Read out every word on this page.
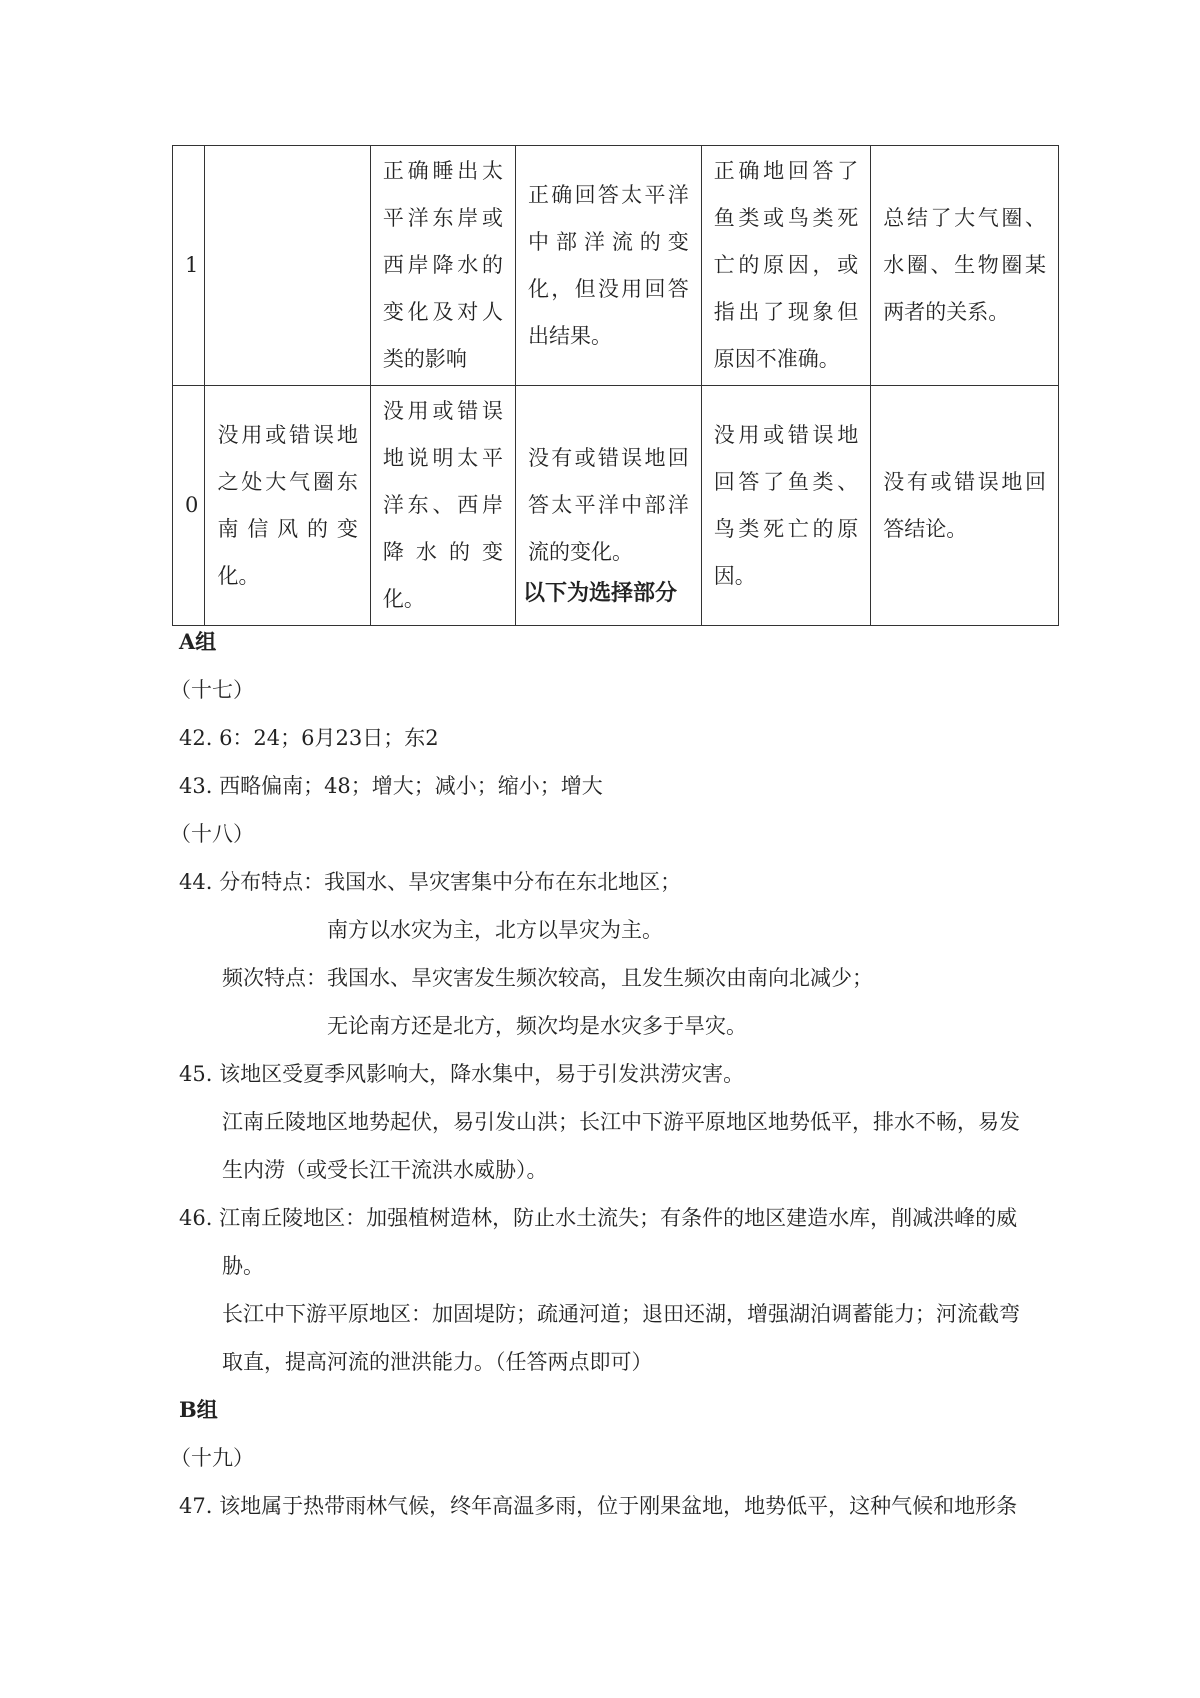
1		正确睡出太平洋东岸或西岸降水的变化及对人类的影响	正确回答太平洋中部洋流的变化，但没用回答出结果。	正确地回答了鱼类或鸟类死亡的原因，或指出了现象但原因不准确。	总结了大气圈、水圈、生物圈某两者的关系。
0	没用或错误地之处大气圈东南信风的变化。	没用或错误地说明太平洋东、西岸降水的变化。	没有或错误地回答太平洋中部洋流的变化。	没用或错误地回答了鱼类、鸟类死亡的原因。	没有或错误地回答结论。
以下为选择部分
A组
（十七）
42. 6：24；6月23日；东2
43. 西略偏南；48；增大；减小；缩小；增大
（十八）
44. 分布特点：我国水、旱灾害集中分布在东北地区；
南方以水灾为主，北方以旱灾为主。
频次特点：我国水、旱灾害发生频次较高，且发生频次由南向北减少；
无论南方还是北方，频次均是水灾多于旱灾。
45. 该地区受夏季风影响大，降水集中，易于引发洪涝灾害。
江南丘陵地区地势起伏，易引发山洪；长江中下游平原地区地势低平，排水不畅，易发
生内涝（或受长江干流洪水威胁）。
46. 江南丘陵地区：加强植树造林，防止水土流失；有条件的地区建造水库，削减洪峰的威
胁。
长江中下游平原地区：加固堤防；疏通河道；退田还湖，增强湖泊调蓄能力；河流截弯
取直，提高河流的泄洪能力。（任答两点即可）
B组
（十九）
47. 该地属于热带雨林气候，终年高温多雨，位于刚果盆地，地势低平，这种气候和地形条
